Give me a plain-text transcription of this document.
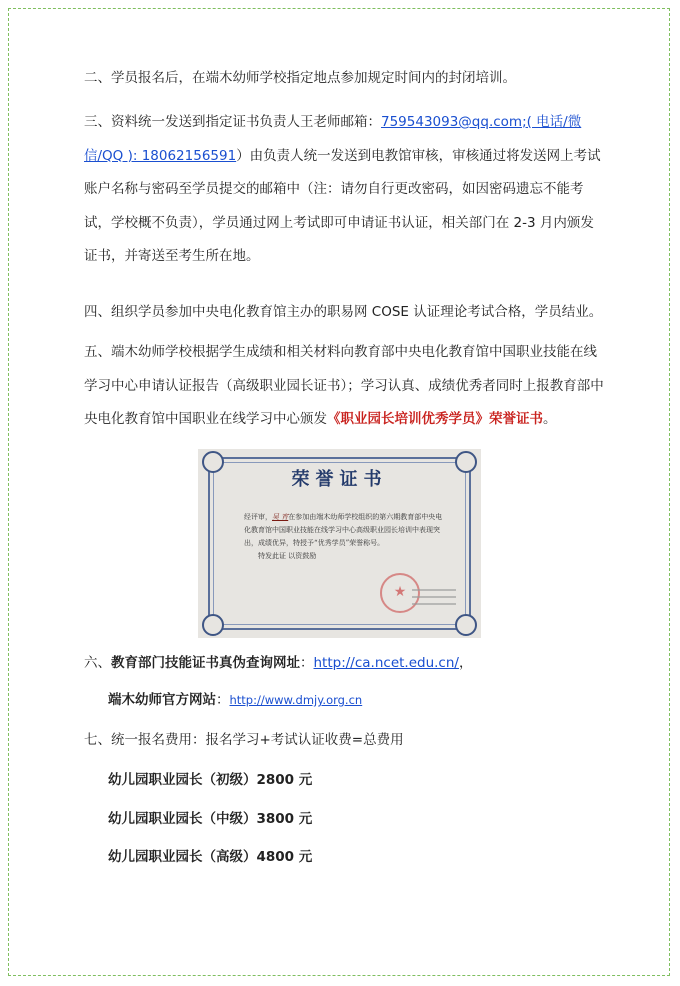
二、学员报名后，在端木幼师学校指定地点参加规定时间内的封闭培训。

三、资料统一发送到指定证书负责人王老师邮箱：759543093@qq.com;( 电话/微信/QQ ): 18062156591）由负责人统一发送到电教馆审核，审核通过将发送网上考试账户名称与密码至学员提交的邮箱中（注：请勿自行更改密码，如因密码遗忘不能考试，学校概不负责），学员通过网上考试即可申请证书认证，相关部门在 2-3 月内颁发证书，并寄送至考生所在地。

四、组织学员参加中央电化教育馆主办的职易网 COSE 认证理论考试合格，学员结业。

五、端木幼师学校根据学生成绩和相关材料向教育部中央电化教育馆中国职业技能在线学习中心申请认证报告（高级职业园长证书）；学习认真、成绩优秀者同时上报教育部中央电化教育馆中国职业在线学习中心颁发《职业园长培训优秀学员》荣誉证书。

荣誉证书
经评审，吴 宵在参加由端木幼师学校组织的第六期教育部中央电化教育馆中国职业技能在线学习中心高级职业园长培训中表现突出，成绩优异，特授予“优秀学员”荣誉称号。
特发此证 以资鼓励
★

六、教育部门技能证书真伪查询网址：http://ca.ncet.edu.cn/，

端木幼师官方网站：http://www.dmjy.org.cn

七、统一报名费用：报名学习+考试认证收费=总费用

幼儿园职业园长（初级）2800 元

幼儿园职业园长（中级）3800 元

幼儿园职业园长（高级）4800 元
